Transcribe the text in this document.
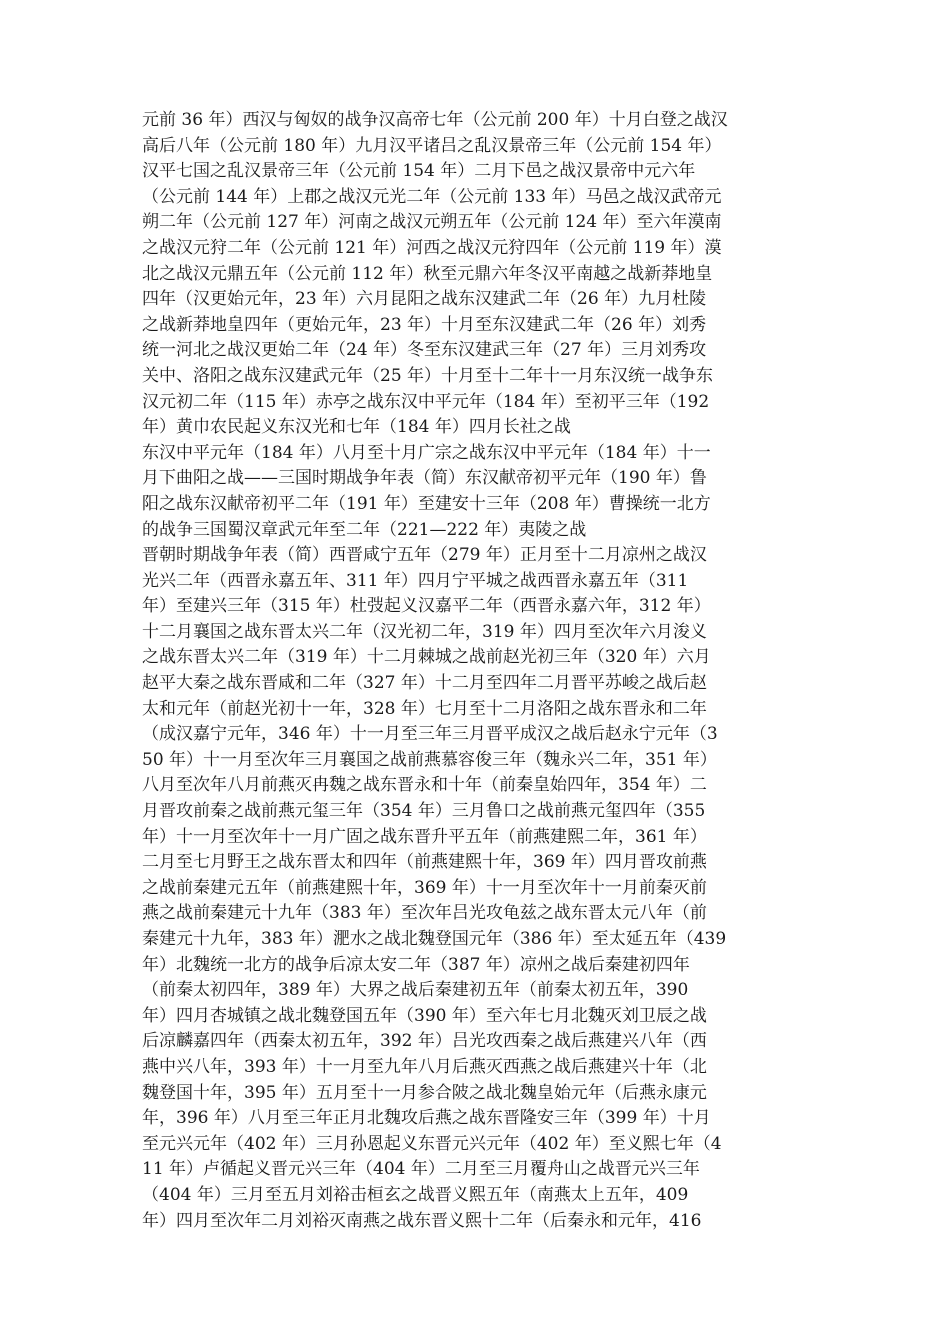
元前 36 年）西汉与匈奴的战争汉高帝七年（公元前 200 年）十月白登之战汉
高后八年（公元前 180 年）九月汉平诸吕之乱汉景帝三年（公元前 154 年）
汉平七国之乱汉景帝三年（公元前 154 年）二月下邑之战汉景帝中元六年
（公元前 144 年）上郡之战汉元光二年（公元前 133 年）马邑之战汉武帝元
朔二年（公元前 127 年）河南之战汉元朔五年（公元前 124 年）至六年漠南
之战汉元狩二年（公元前 121 年）河西之战汉元狩四年（公元前 119 年）漠
北之战汉元鼎五年（公元前 112 年）秋至元鼎六年冬汉平南越之战新莽地皇
四年（汉更始元年，23 年）六月昆阳之战东汉建武二年（26 年）九月杜陵
之战新莽地皇四年（更始元年，23 年）十月至东汉建武二年（26 年）刘秀
统一河北之战汉更始二年（24 年）冬至东汉建武三年（27 年）三月刘秀攻
关中、洛阳之战东汉建武元年（25 年）十月至十二年十一月东汉统一战争东
汉元初二年（115 年）赤亭之战东汉中平元年（184 年）至初平三年（192
年）黄巾农民起义东汉光和七年（184 年）四月长社之战
东汉中平元年（184 年）八月至十月广宗之战东汉中平元年（184 年）十一
月下曲阳之战——三国时期战争年表（简）东汉献帝初平元年（190 年）鲁
阳之战东汉献帝初平二年（191 年）至建安十三年（208 年）曹操统一北方
的战争三国蜀汉章武元年至二年（221—222 年）夷陵之战
晋朝时期战争年表（简）西晋咸宁五年（279 年）正月至十二月凉州之战汉
光兴二年（西晋永嘉五年、311 年）四月宁平城之战西晋永嘉五年（311
年）至建兴三年（315 年）杜弢起义汉嘉平二年（西晋永嘉六年，312 年）
十二月襄国之战东晋太兴二年（汉光初二年，319 年）四月至次年六月浚义
之战东晋太兴二年（319 年）十二月棘城之战前赵光初三年（320 年）六月
赵平大秦之战东晋咸和二年（327 年）十二月至四年二月晋平苏峻之战后赵
太和元年（前赵光初十一年，328 年）七月至十二月洛阳之战东晋永和二年
（成汉嘉宁元年，346 年）十一月至三年三月晋平成汉之战后赵永宁元年（3
50 年）十一月至次年三月襄国之战前燕慕容俊三年（魏永兴二年，351 年）
八月至次年八月前燕灭冉魏之战东晋永和十年（前秦皇始四年，354 年）二
月晋攻前秦之战前燕元玺三年（354 年）三月鲁口之战前燕元玺四年（355
年）十一月至次年十一月广固之战东晋升平五年（前燕建熙二年，361 年）
二月至七月野王之战东晋太和四年（前燕建熙十年，369 年）四月晋攻前燕
之战前秦建元五年（前燕建熙十年，369 年）十一月至次年十一月前秦灭前
燕之战前秦建元十九年（383 年）至次年吕光攻龟兹之战东晋太元八年（前
秦建元十九年，383 年）淝水之战北魏登国元年（386 年）至太延五年（439
年）北魏统一北方的战争后凉太安二年（387 年）凉州之战后秦建初四年
（前秦太初四年，389 年）大界之战后秦建初五年（前秦太初五年，390
年）四月杏城镇之战北魏登国五年（390 年）至六年七月北魏灭刘卫辰之战
后凉麟嘉四年（西秦太初五年，392 年）吕光攻西秦之战后燕建兴八年（西
燕中兴八年，393 年）十一月至九年八月后燕灭西燕之战后燕建兴十年（北
魏登国十年，395 年）五月至十一月参合陂之战北魏皇始元年（后燕永康元
年，396 年）八月至三年正月北魏攻后燕之战东晋隆安三年（399 年）十月
至元兴元年（402 年）三月孙恩起义东晋元兴元年（402 年）至义熙七年（4
11 年）卢循起义晋元兴三年（404 年）二月至三月覆舟山之战晋元兴三年
（404 年）三月至五月刘裕击桓玄之战晋义熙五年（南燕太上五年，409
年）四月至次年二月刘裕灭南燕之战东晋义熙十二年（后秦永和元年，416
